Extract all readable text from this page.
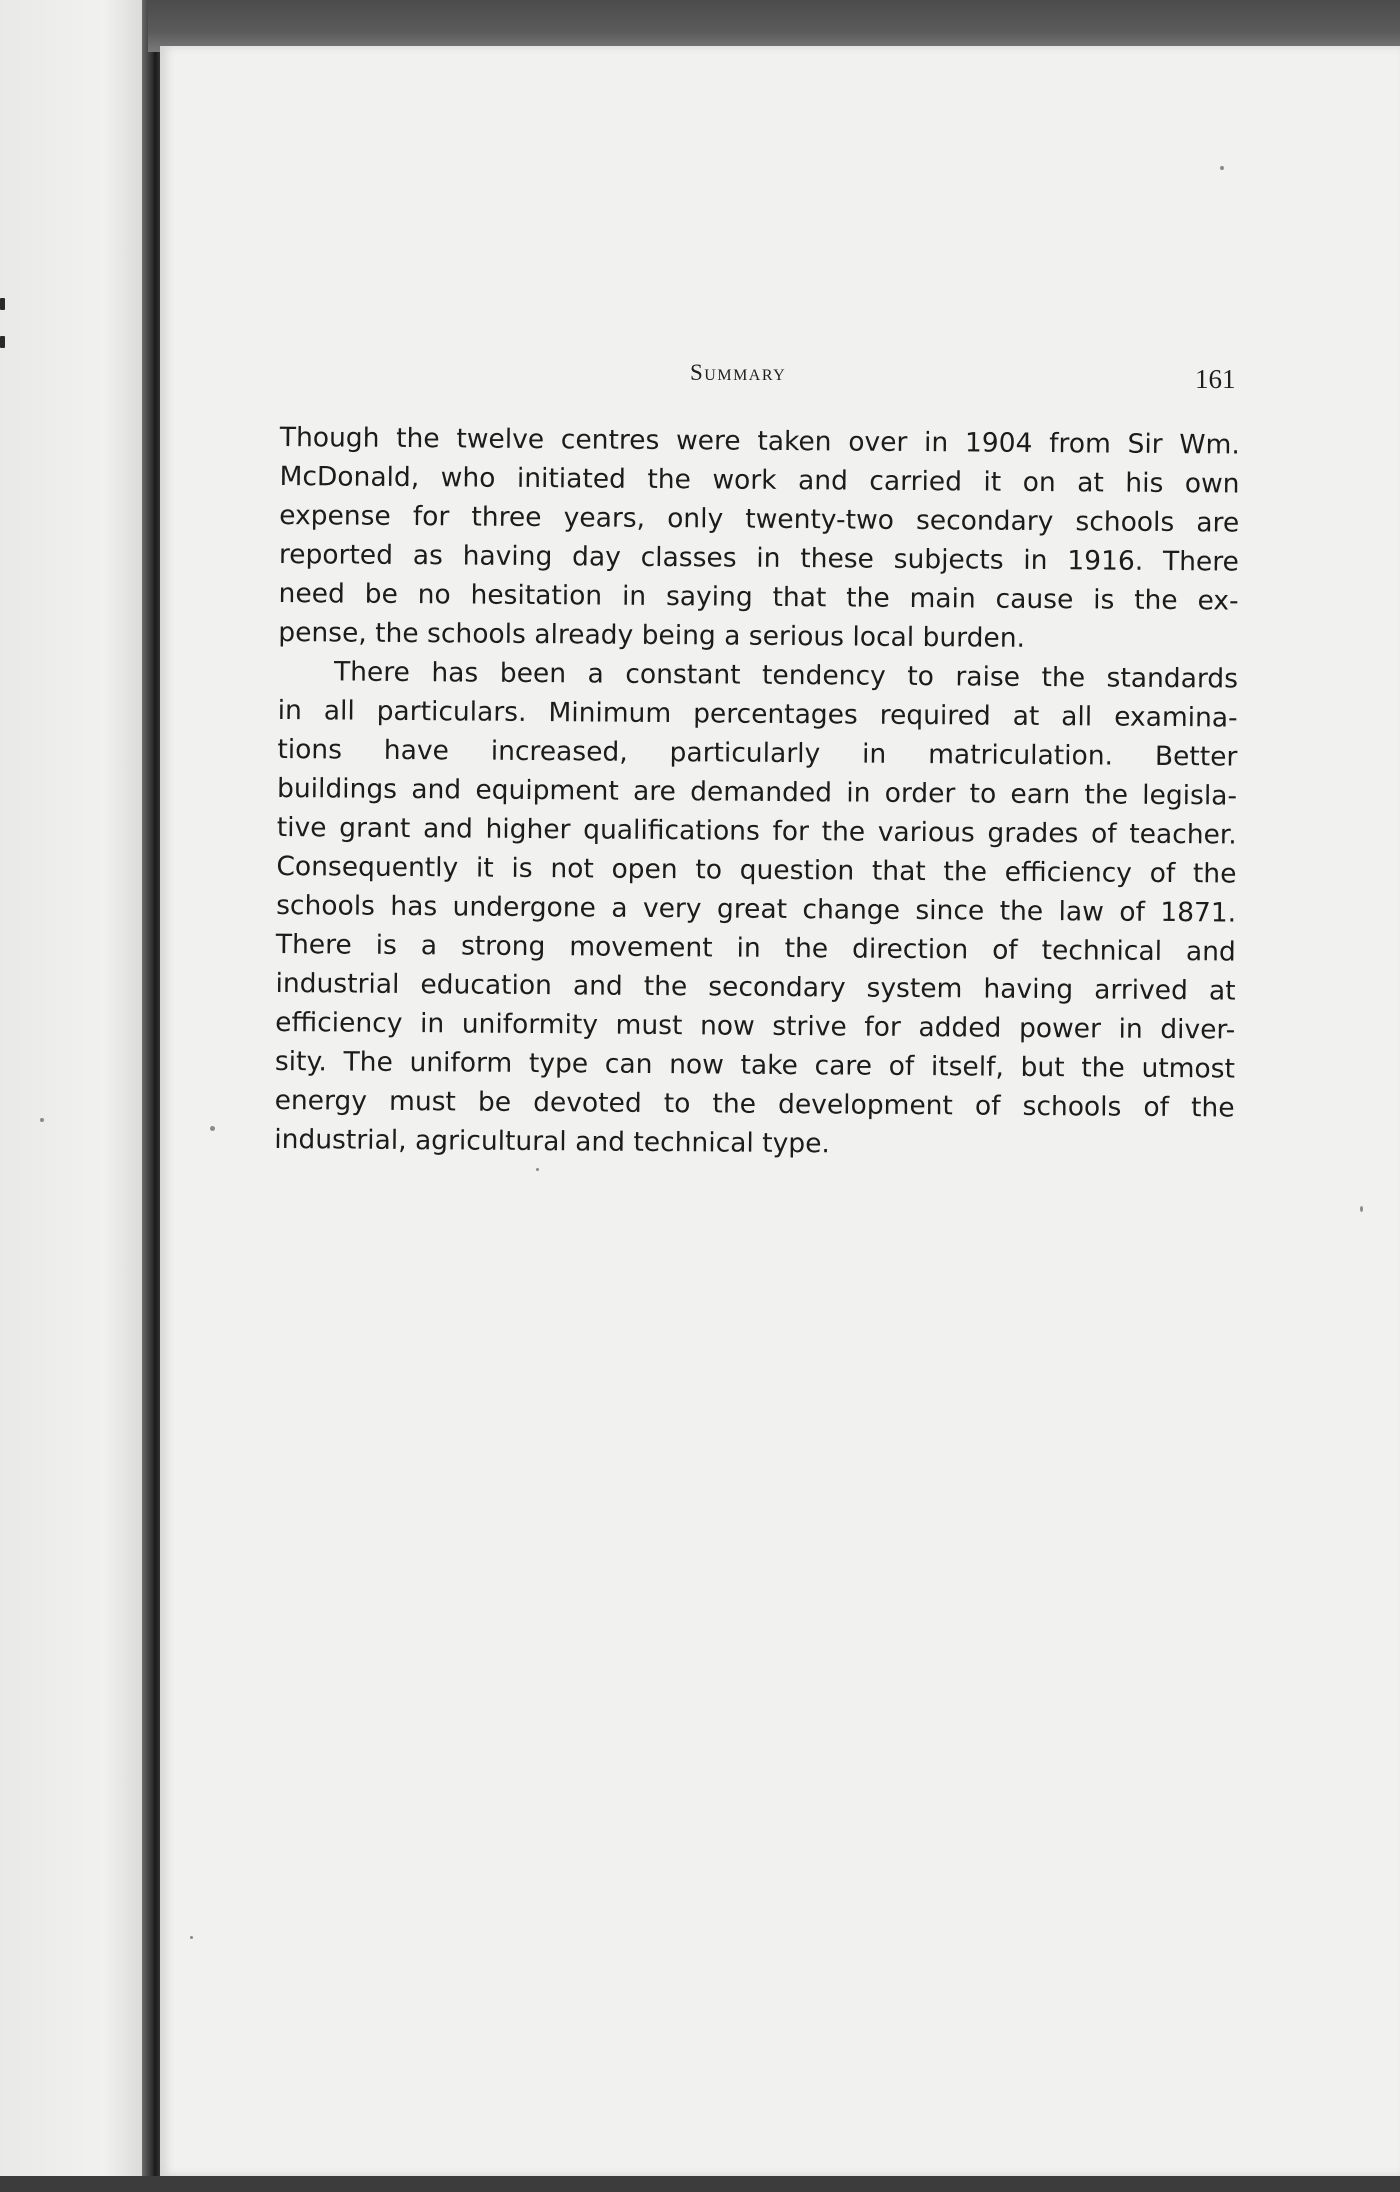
Summary	161
Though the twelve centres were taken over in 1904 from Sir Wm.
McDonald, who initiated the work and carried it on at his own
expense for three years, only twenty-two secondary schools are
reported as having day classes in these subjects in 1916. There
need be no hesitation in saying that the main cause is the ex-
pense, the schools already being a serious local burden.
There has been a constant tendency to raise the standards
in all particulars. Minimum percentages required at all examina-
tions have increased, particularly in matriculation. Better
buildings and equipment are demanded in order to earn the legisla-
tive grant and higher qualifications for the various grades of teacher.
Consequently it is not open to question that the efficiency of the
schools has undergone a very great change since the law of 1871.
There is a strong movement in the direction of technical and
industrial education and the secondary system having arrived at
efficiency in uniformity must now strive for added power in diver-
sity. The uniform type can now take care of itself, but the utmost
energy must be devoted to the development of schools of the
industrial, agricultural and technical type.
